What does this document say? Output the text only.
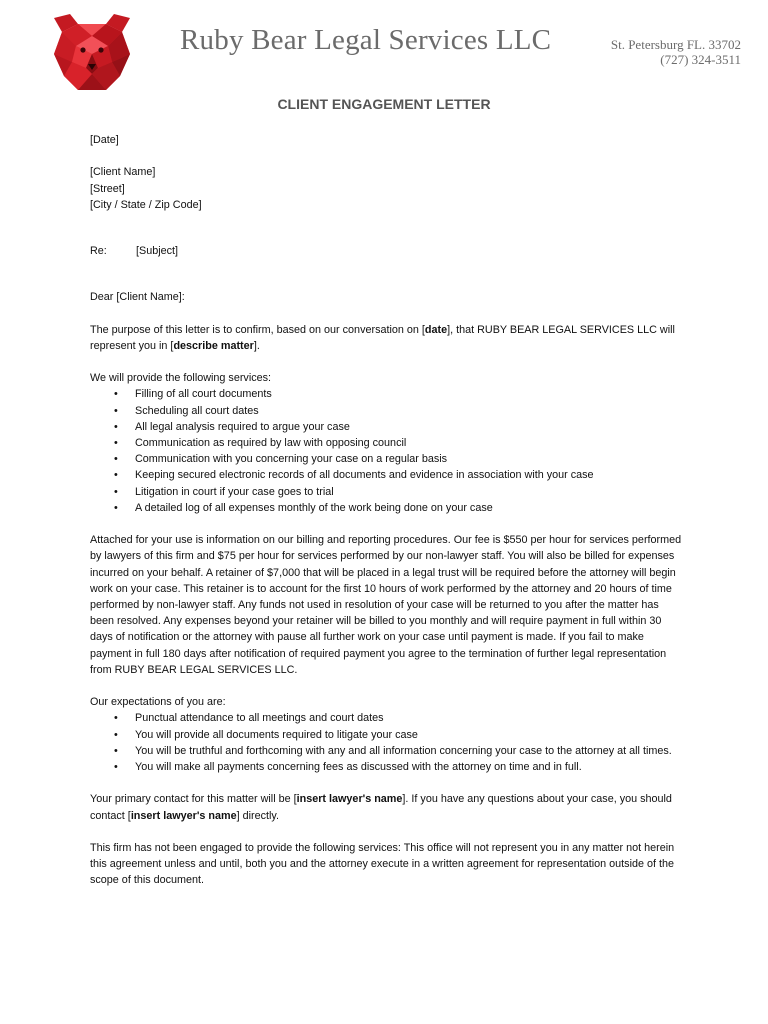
Ruby Bear Legal Services LLC	St. Petersburg FL. 33702
(727) 324-3511
CLIENT ENGAGEMENT LETTER

[Date]

[Client Name]

[Street]

[City / State / Zip Code]

Re:	[Subject]

Dear [Client Name]:

The purpose of this letter is to confirm, based on our conversation on [date], that RUBY BEAR LEGAL SERVICES LLC will represent you in [describe matter].

We will provide the following services:

• Filling of all court documents
• Scheduling all court dates
• All legal analysis required to argue your case
• Communication as required by law with opposing council
• Communication with you concerning your case on a regular basis
• Keeping secured electronic records of all documents and evidence in association with your case
• Litigation in court if your case goes to trial
• A detailed log of all expenses monthly of the work being done on your case

Attached for your use is information on our billing and reporting procedures. Our fee is $550 per hour for services performed by lawyers of this firm and $75 per hour for services performed by our non-lawyer staff. You will also be billed for expenses incurred on your behalf. A retainer of $7,000 that will be placed in a legal trust will be required before the attorney will begin work on your case. This retainer is to account for the first 10 hours of work performed by the attorney and 20 hours of time performed by non-lawyer staff. Any funds not used in resolution of your case will be returned to you after the matter has been resolved. Any expenses beyond your retainer will be billed to you monthly and will require payment in full within 30 days of notification or the attorney with pause all further work on your case until payment is made. If you fail to make payment in full 180 days after notification of required payment you agree to the termination of further legal representation from RUBY BEAR LEGAL SERVICES LLC.

Our expectations of you are:

• Punctual attendance to all meetings and court dates
• You will provide all documents required to litigate your case
• You will be truthful and forthcoming with any and all information concerning your case to the attorney at all times.
• You will make all payments concerning fees as discussed with the attorney on time and in full.

Your primary contact for this matter will be [insert lawyer's name]. If you have any questions about your case, you should contact [insert lawyer's name] directly.

This firm has not been engaged to provide the following services: This office will not represent you in any matter not herein this agreement unless and until, both you and the attorney execute in a written agreement for representation outside of the scope of this document.
